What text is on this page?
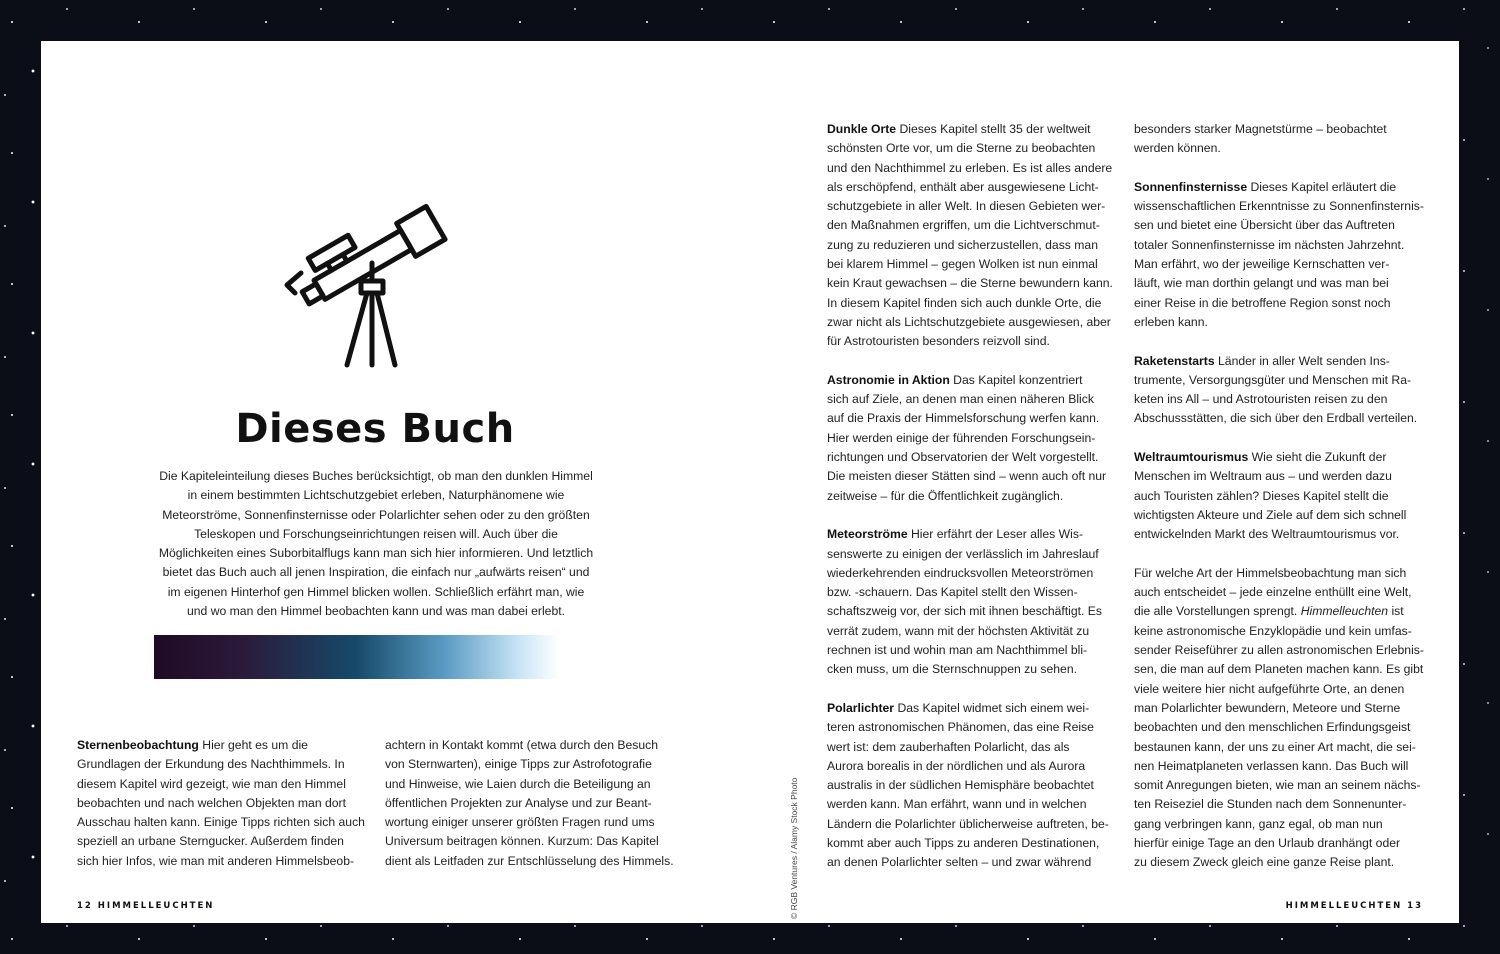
Dieses Buch
Die Kapiteleinteilung dieses Buches berücksichtigt, ob man den dunklen Himmel
in einem bestimmten Lichtschutzgebiet erleben, Naturphänomene wie
Meteorströme, Sonnenfinsternisse oder Polarlichter sehen oder zu den größten
Teleskopen und Forschungseinrichtungen reisen will. Auch über die
Möglichkeiten eines Suborbitalflugs kann man sich hier informieren. Und letztlich
bietet das Buch auch all jenen Inspiration, die einfach nur „aufwärts reisen“ und
im eigenen Hinterhof gen Himmel blicken wollen. Schließlich erfährt man, wie
und wo man den Himmel beobachten kann und was man dabei erlebt.
Sternenbeobachtung Hier geht es um die
Grundlagen der Erkundung des Nachthimmels. In
diesem Kapitel wird gezeigt, wie man den Himmel
beobachten und nach welchen Objekten man dort
Ausschau halten kann. Einige Tipps richten sich auch
speziell an urbane Sterngucker. Außerdem finden
sich hier Infos, wie man mit anderen Himmelsbeob-
achtern in Kontakt kommt (etwa durch den Besuch
von Sternwarten), einige Tipps zur Astrofotografie
und Hinweise, wie Laien durch die Beteiligung an
öffentlichen Projekten zur Analyse und zur Beant-
wortung einiger unserer größten Fragen rund ums
Universum beitragen können. Kurzum: Das Kapitel
dient als Leitfaden zur Entschlüsselung des Himmels.
12 HIMMELLEUCHTEN	© RGB Ventures / Alamy Stock Photo
Dunkle Orte Dieses Kapitel stellt 35 der weltweit
schönsten Orte vor, um die Sterne zu beobachten
und den Nachthimmel zu erleben. Es ist alles andere
als erschöpfend, enthält aber ausgewiesene Licht-
schutzgebiete in aller Welt. In diesen Gebieten wer-
den Maßnahmen ergriffen, um die Lichtverschmut-
zung zu reduzieren und sicherzustellen, dass man
bei klarem Himmel – gegen Wolken ist nun einmal
kein Kraut gewachsen – die Sterne bewundern kann.
In diesem Kapitel finden sich auch dunkle Orte, die
zwar nicht als Lichtschutzgebiete ausgewiesen, aber
für Astrotouristen besonders reizvoll sind.
Astronomie in Aktion Das Kapitel konzentriert
sich auf Ziele, an denen man einen näheren Blick
auf die Praxis der Himmelsforschung werfen kann.
Hier werden einige der führenden Forschungsein-
richtungen und Observatorien der Welt vorgestellt.
Die meisten dieser Stätten sind – wenn auch oft nur
zeitweise – für die Öffentlichkeit zugänglich.
Meteorströme Hier erfährt der Leser alles Wis-
senswerte zu einigen der verlässlich im Jahreslauf
wiederkehrenden eindrucksvollen Meteorströmen
bzw. -schauern. Das Kapitel stellt den Wissen-
schaftszweig vor, der sich mit ihnen beschäftigt. Es
verrät zudem, wann mit der höchsten Aktivität zu
rechnen ist und wohin man am Nachthimmel bli-
cken muss, um die Sternschnuppen zu sehen.
Polarlichter Das Kapitel widmet sich einem wei-
teren astronomischen Phänomen, das eine Reise
wert ist: dem zauberhaften Polarlicht, das als
Aurora borealis in der nördlichen und als Aurora
australis in der südlichen Hemisphäre beobachtet
werden kann. Man erfährt, wann und in welchen
Ländern die Polarlichter üblicherweise auftreten, be-
kommt aber auch Tipps zu anderen Destinationen,
an denen Polarlichter selten – und zwar während
besonders starker Magnetstürme – beobachtet
werden können.
Sonnenfinsternisse Dieses Kapitel erläutert die
wissenschaftlichen Erkenntnisse zu Sonnenfinsternis-
sen und bietet eine Übersicht über das Auftreten
totaler Sonnenfinsternisse im nächsten Jahrzehnt.
Man erfährt, wo der jeweilige Kernschatten ver-
läuft, wie man dorthin gelangt und was man bei
einer Reise in die betroffene Region sonst noch
erleben kann.
Raketenstarts Länder in aller Welt senden Ins-
trumente, Versorgungsgüter und Menschen mit Ra-
keten ins All – und Astrotouristen reisen zu den
Abschussstätten, die sich über den Erdball verteilen.
Weltraumtourismus Wie sieht die Zukunft der
Menschen im Weltraum aus – und werden dazu
auch Touristen zählen? Dieses Kapitel stellt die
wichtigsten Akteure und Ziele auf dem sich schnell
entwickelnden Markt des Weltraumtourismus vor.
Für welche Art der Himmelsbeobachtung man sich
auch entscheidet – jede einzelne enthüllt eine Welt,
die alle Vorstellungen sprengt. Himmelleuchten ist
keine astronomische Enzyklopädie und kein umfas-
sender Reiseführer zu allen astronomischen Erlebnis-
sen, die man auf dem Planeten machen kann. Es gibt
viele weitere hier nicht aufgeführte Orte, an denen
man Polarlichter bewundern, Meteore und Sterne
beobachten und den menschlichen Erfindungsgeist
bestaunen kann, der uns zu einer Art macht, die sei-
nen Heimatplaneten verlassen kann. Das Buch will
somit Anregungen bieten, wie man an seinem nächs-
ten Reiseziel die Stunden nach dem Sonnenunter-
gang verbringen kann, ganz egal, ob man nun
hierfür einige Tage an den Urlaub dranhängt oder
zu diesem Zweck gleich eine ganze Reise plant.
HIMMELLEUCHTEN 13
